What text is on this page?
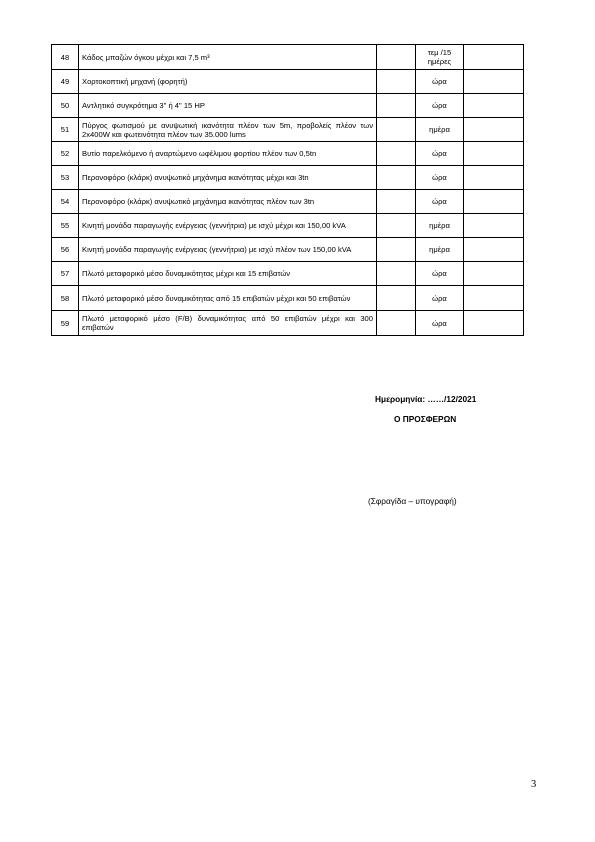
48	Κάδος μπαζών όγκου μέχρι και 7,5 m³		τεμ /15 ημέρες	
49	Χορτοκοπτική μηχανή (φορητή)		ώρα	
50	Αντλητικό συγκρότημα 3" ή 4" 15 HP		ώρα	
51	Πύργος φωτισμού με ανυψωτική ικανότητα πλέον των 5m, προβολείς πλέον των 2x400W και φωτεινότητα πλέον των 35.000 lums		ημέρα	
52	Βυτίο παρελκόμενο ή αναρτώμενο ωφέλιμου φορτίου πλέον των 0,5tn		ώρα	
53	Περονοφόρο (κλάρκ) ανυψωτικό μηχάνημα ικανότητας μέχρι και 3tn		ώρα	
54	Περονοφόρο (κλάρκ) ανυψωτικό μηχάνημα ικανότητας πλέον των 3tn		ώρα	
55	Κινητή μονάδα παραγωγής ενέργειας (γεννήτρια) με ισχύ μέχρι και 150,00 kVA		ημέρα	
56	Κινητή μονάδα παραγωγής ενέργειας (γεννήτρια) με ισχύ πλέον των 150,00 kVA		ημέρα	
57	Πλωτό μεταφορικό μέσο δυναμικότητας μέχρι και 15 επιβατών		ώρα	
58	Πλωτό μεταφορικό μέσο δυναμικότητας από 15 επιβατών μέχρι και 50 επιβατών		ώρα	
59	Πλωτό μεταφορικό μέσο (F/B) δυναμικότητας από 50 επιβατών μέχρι και 300 επιβατών		ώρα	
Ημερομηνία: ……/12/2021
Ο ΠΡΟΣΦΕΡΩΝ
(Σφραγίδα – υπογραφή)
3
